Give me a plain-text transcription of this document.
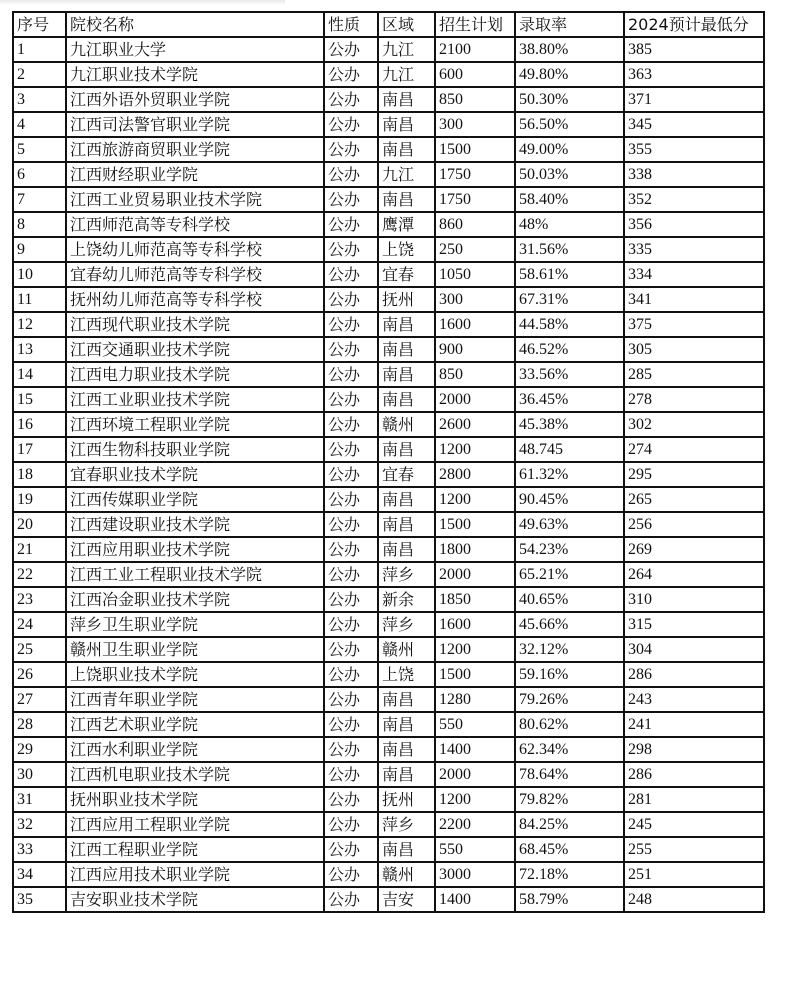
序号	院校名称	性质	区域	招生计划	录取率	2024预计最低分
1	九江职业大学	公办	九江	2100	38.80%	385
2	九江职业技术学院	公办	九江	600	49.80%	363
3	江西外语外贸职业学院	公办	南昌	850	50.30%	371
4	江西司法警官职业学院	公办	南昌	300	56.50%	345
5	江西旅游商贸职业学院	公办	南昌	1500	49.00%	355
6	江西财经职业学院	公办	九江	1750	50.03%	338
7	江西工业贸易职业技术学院	公办	南昌	1750	58.40%	352
8	江西师范高等专科学校	公办	鹰潭	860	48%	356
9	上饶幼儿师范高等专科学校	公办	上饶	250	31.56%	335
10	宜春幼儿师范高等专科学校	公办	宜春	1050	58.61%	334
11	抚州幼儿师范高等专科学校	公办	抚州	300	67.31%	341
12	江西现代职业技术学院	公办	南昌	1600	44.58%	375
13	江西交通职业技术学院	公办	南昌	900	46.52%	305
14	江西电力职业技术学院	公办	南昌	850	33.56%	285
15	江西工业职业技术学院	公办	南昌	2000	36.45%	278
16	江西环境工程职业学院	公办	赣州	2600	45.38%	302
17	江西生物科技职业学院	公办	南昌	1200	48.745	274
18	宜春职业技术学院	公办	宜春	2800	61.32%	295
19	江西传媒职业学院	公办	南昌	1200	90.45%	265
20	江西建设职业技术学院	公办	南昌	1500	49.63%	256
21	江西应用职业技术学院	公办	南昌	1800	54.23%	269
22	江西工业工程职业技术学院	公办	萍乡	2000	65.21%	264
23	江西冶金职业技术学院	公办	新余	1850	40.65%	310
24	萍乡卫生职业学院	公办	萍乡	1600	45.66%	315
25	赣州卫生职业学院	公办	赣州	1200	32.12%	304
26	上饶职业技术学院	公办	上饶	1500	59.16%	286
27	江西青年职业学院	公办	南昌	1280	79.26%	243
28	江西艺术职业学院	公办	南昌	550	80.62%	241
29	江西水利职业学院	公办	南昌	1400	62.34%	298
30	江西机电职业技术学院	公办	南昌	2000	78.64%	286
31	抚州职业技术学院	公办	抚州	1200	79.82%	281
32	江西应用工程职业学院	公办	萍乡	2200	84.25%	245
33	江西工程职业学院	公办	南昌	550	68.45%	255
34	江西应用技术职业学院	公办	赣州	3000	72.18%	251
35	吉安职业技术学院	公办	吉安	1400	58.79%	248
